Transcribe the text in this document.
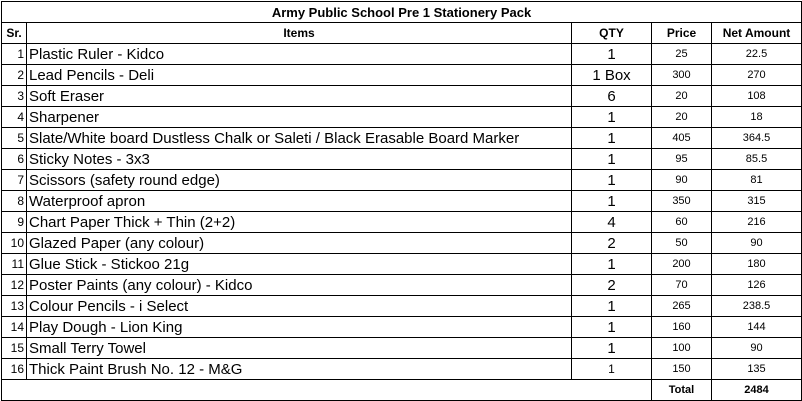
Army Public School Pre 1 Stationery Pack				
Sr.	Items	QTY	Price	Net Amount
1	Plastic Ruler - Kidco	1	25	22.5
2	Lead Pencils - Deli	1 Box	300	270
3	Soft Eraser	6	20	108
4	Sharpener	1	20	18
5	Slate/White board Dustless Chalk or Saleti / Black Erasable Board Marker	1	405	364.5
6	Sticky Notes - 3x3	1	95	85.5
7	Scissors (safety round edge)	1	90	81
8	Waterproof apron	1	350	315
9	Chart Paper Thick + Thin (2+2)	4	60	216
10	Glazed Paper (any colour)	2	50	90
11	Glue Stick - Stickoo 21g	1	200	180
12	Poster Paints (any colour) - Kidco	2	70	126
13	Colour Pencils - i Select	1	265	238.5
14	Play Dough - Lion King	1	160	144
15	Small Terry Towel	1	100	90
16	Thick Paint Brush No. 12 - M&G	1	150	135
			Total	2484
